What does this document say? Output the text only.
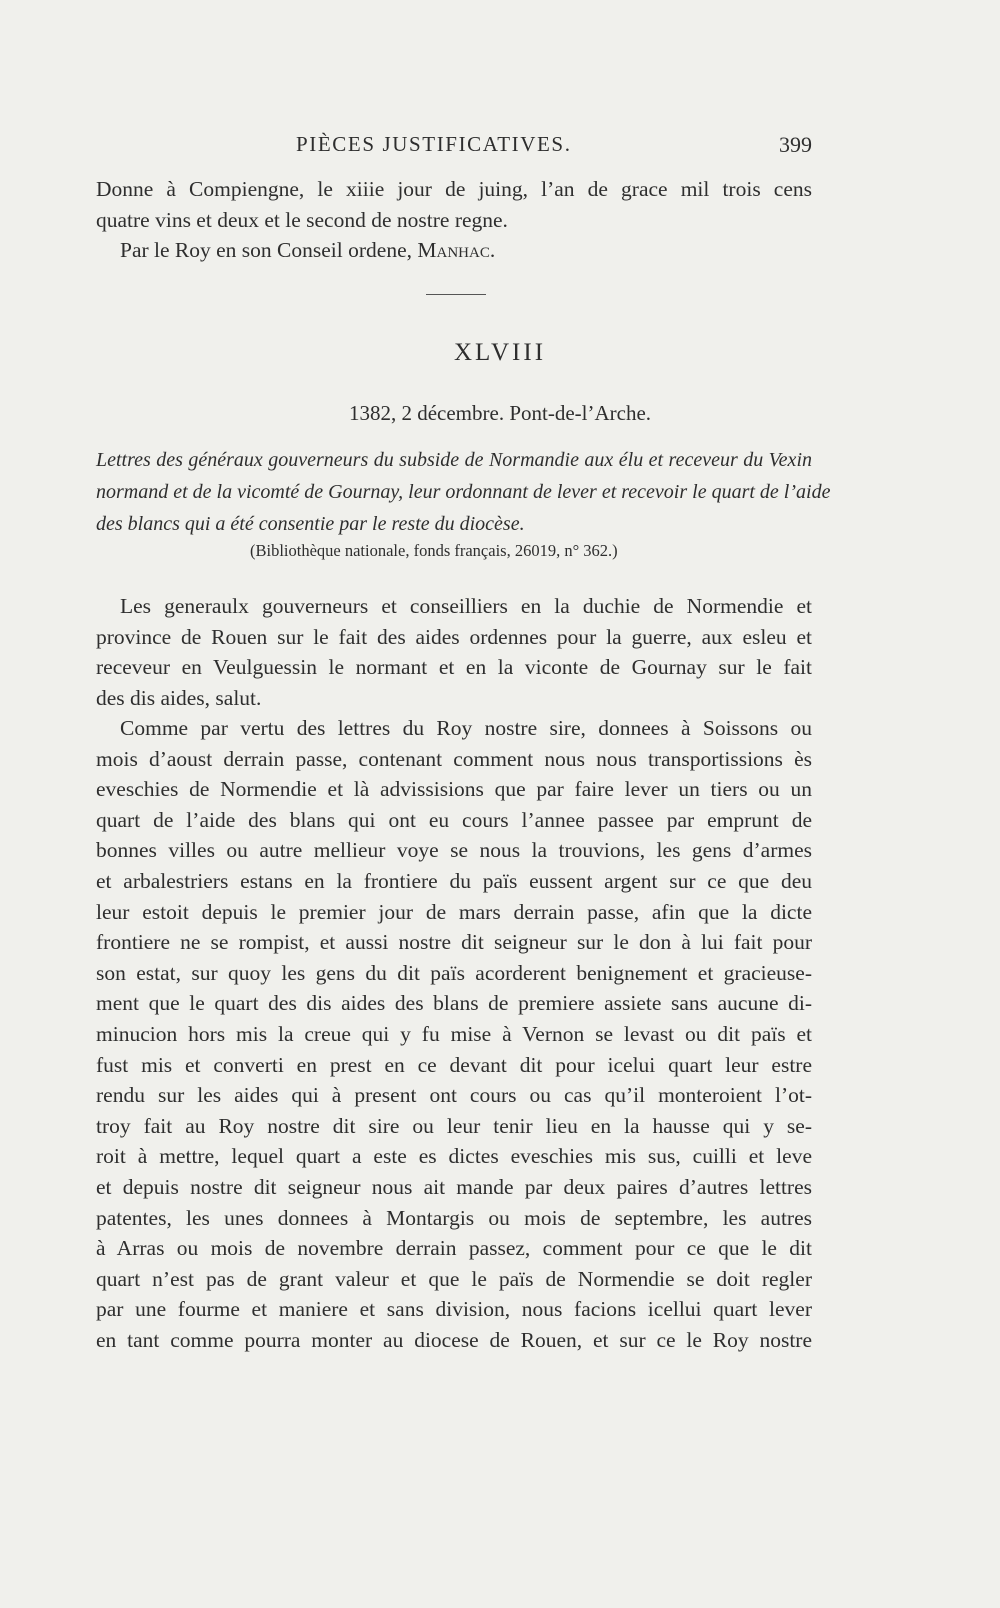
PIÈCES JUSTIFICATIVES.	399
Donne à Compiengne, le xiiie jour de juing, l’an de grace mil trois cens
quatre vins et deux et le second de nostre regne.
Par le Roy en son Conseil ordene, Manhac.
XLVIII
1382, 2 décembre. Pont-de-l’Arche.
Lettres des généraux gouverneurs du subside de Normandie aux élu et receveur du Vexin
normand et de la vicomté de Gournay, leur ordonnant de lever et recevoir le quart de l’aide
des blancs qui a été consentie par le reste du diocèse.
(Bibliothèque nationale, fonds français, 26019, n° 362.)
Les generaulx gouverneurs et conseilliers en la duchie de Normendie et
province de Rouen sur le fait des aides ordennes pour la guerre, aux esleu et
receveur en Veulguessin le normant et en la viconte de Gournay sur le fait
des dis aides, salut.
Comme par vertu des lettres du Roy nostre sire, donnees à Soissons ou
mois d’aoust derrain passe, contenant comment nous nous transportissions ès
eveschies de Normendie et là advissisions que par faire lever un tiers ou un
quart de l’aide des blans qui ont eu cours l’annee passee par emprunt de
bonnes villes ou autre mellieur voye se nous la trouvions, les gens d’armes
et arbalestriers estans en la frontiere du païs eussent argent sur ce que deu
leur estoit depuis le premier jour de mars derrain passe, afin que la dicte
frontiere ne se rompist, et aussi nostre dit seigneur sur le don à lui fait pour
son estat, sur quoy les gens du dit païs acorderent benignement et gracieuse-
ment que le quart des dis aides des blans de premiere assiete sans aucune di-
minucion hors mis la creue qui y fu mise à Vernon se levast ou dit païs et
fust mis et converti en prest en ce devant dit pour icelui quart leur estre
rendu sur les aides qui à present ont cours ou cas qu’il monteroient l’ot-
troy fait au Roy nostre dit sire ou leur tenir lieu en la hausse qui y se-
roit à mettre, lequel quart a este es dictes eveschies mis sus, cuilli et leve
et depuis nostre dit seigneur nous ait mande par deux paires d’autres lettres
patentes, les unes donnees à Montargis ou mois de septembre, les autres
à Arras ou mois de novembre derrain passez, comment pour ce que le dit
quart n’est pas de grant valeur et que le païs de Normendie se doit regler
par une fourme et maniere et sans division, nous facions icellui quart lever
en tant comme pourra monter au diocese de Rouen, et sur ce le Roy nostre
